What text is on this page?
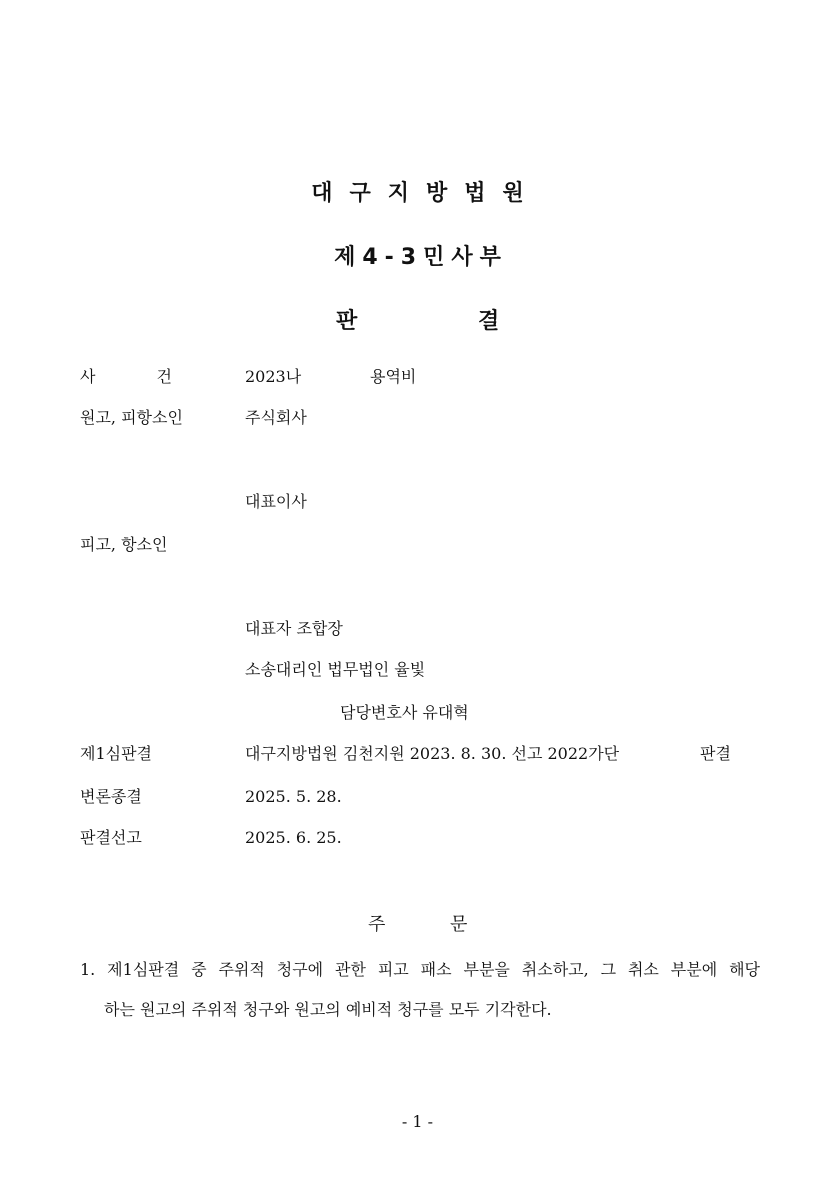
대구지방법원
제4-3민사부
판	결
사 건	2023나	용역비
원고, 피항소인	주식회사
대표이사
피고, 항소인
대표자 조합장
소송대리인 법무법인 율빛
담당변호사 유대혁
제1심판결	대구지방법원 김천지원 2023. 8. 30. 선고 2022가단	판결
변론종결	2025. 5. 28.
판결선고	2025. 6. 25.
주	문
1. 제1심판결 중 주위적 청구에 관한 피고 패소 부분을 취소하고, 그 취소 부분에 해당
하는 원고의 주위적 청구와 원고의 예비적 청구를 모두 기각한다.
- 1 -
